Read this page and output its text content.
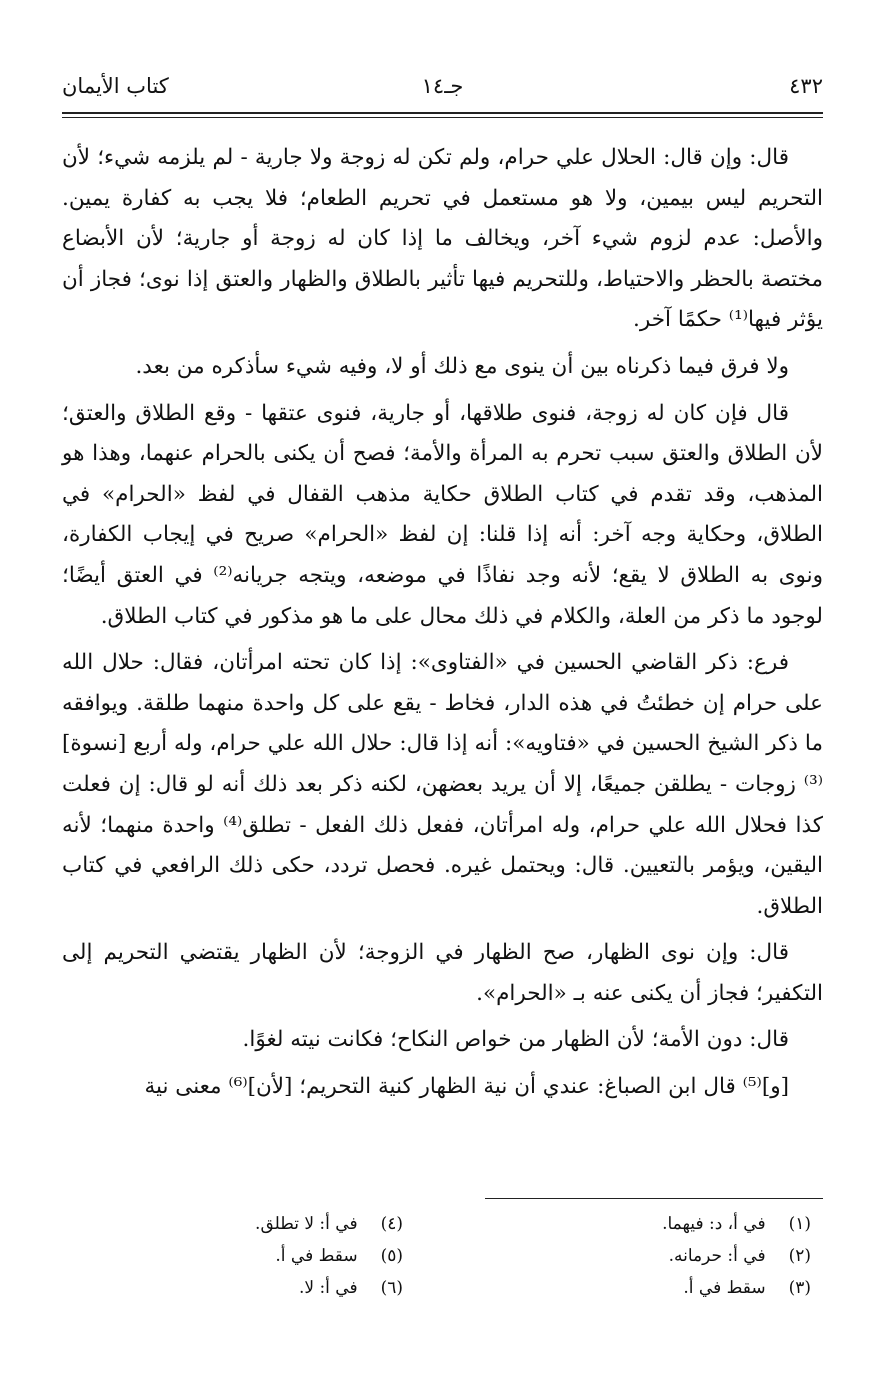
٤٣٢
جـ١٤
كتاب الأيمان

قال: وإن قال: الحلال علي حرام، ولم تكن له زوجة ولا جارية - لم يلزمه شيء؛ لأن التحريم ليس بيمين، ولا هو مستعمل في تحريم الطعام؛ فلا يجب به كفارة يمين. والأصل: عدم لزوم شيء آخر، ويخالف ما إذا كان له زوجة أو جارية؛ لأن الأبضاع مختصة بالحظر والاحتياط، وللتحريم فيها تأثير بالطلاق والظهار والعتق إذا نوى؛ فجاز أن يؤثر فيها⁽¹⁾ حكمًا آخر.

ولا فرق فيما ذكرناه بين أن ينوى مع ذلك أو لا، وفيه شيء سأذكره من بعد.

قال فإن كان له زوجة، فنوى طلاقها، أو جارية، فنوى عتقها - وقع الطلاق والعتق؛ لأن الطلاق والعتق سبب تحرم به المرأة والأمة؛ فصح أن يكنى بالحرام عنهما، وهذا هو المذهب، وقد تقدم في كتاب الطلاق حكاية مذهب القفال في لفظ «الحرام» في الطلاق، وحكاية وجه آخر: أنه إذا قلنا: إن لفظ «الحرام» صريح في إيجاب الكفارة، ونوى به الطلاق لا يقع؛ لأنه وجد نفاذًا في موضعه، ويتجه جريانه⁽²⁾ في العتق أيضًا؛ لوجود ما ذكر من العلة، والكلام في ذلك محال على ما هو مذكور في كتاب الطلاق.

فرع: ذكر القاضي الحسين في «الفتاوى»: إذا كان تحته امرأتان، فقال: حلال الله على حرام إن خطئتُ في هذه الدار، فخاط - يقع على كل واحدة منهما طلقة. ويوافقه ما ذكر الشيخ الحسين في «فتاويه»: أنه إذا قال: حلال الله علي حرام، وله أربع [نسوة]⁽³⁾ زوجات - يطلقن جميعًا، إلا أن يريد بعضهن، لكنه ذكر بعد ذلك أنه لو قال: إن فعلت كذا فحلال الله علي حرام، وله امرأتان، ففعل ذلك الفعل - تطلق⁽⁴⁾ واحدة منهما؛ لأنه اليقين، ويؤمر بالتعيين. قال: ويحتمل غيره. فحصل تردد، حكى ذلك الرافعي في كتاب الطلاق.

قال: وإن نوى الظهار، صح الظهار في الزوجة؛ لأن الظهار يقتضي التحريم إلى التكفير؛ فجاز أن يكنى عنه بـ «الحرام».

قال: دون الأمة؛ لأن الظهار من خواص النكاح؛ فكانت نيته لغوًا.

[و]⁽⁵⁾ قال ابن الصباغ: عندي أن نية الظهار كنية التحريم؛ [لأن]⁽⁶⁾ معنى نية

(١) في أ، د: فيهما.
(٢) في أ: حرمانه.
(٣) سقط في أ.
(٤) في أ: لا تطلق.
(٥) سقط في أ.
(٦) في أ: لا.
